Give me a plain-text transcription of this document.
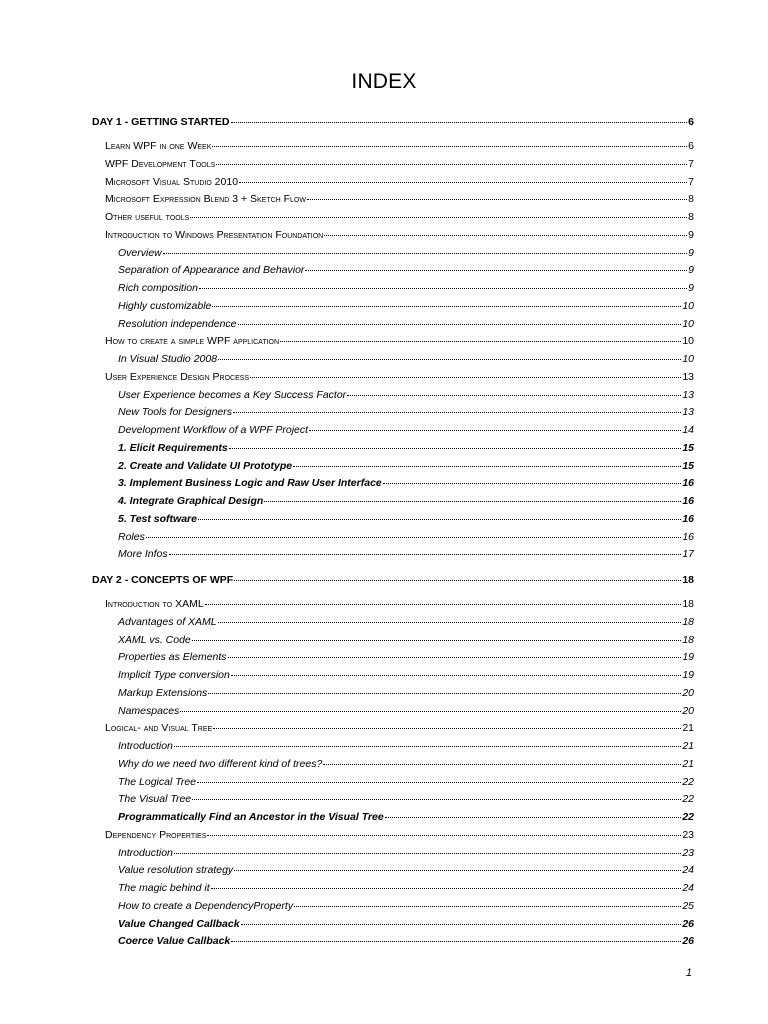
INDEX
DAY 1 - GETTING STARTED	6
Learn WPF in one Week	6
WPF Development Tools	7
Microsoft Visual Studio 2010	7
Microsoft Expression Blend 3 + Sketch Flow	8
Other useful tools	8
Introduction to Windows Presentation Foundation	9
Overview	9
Separation of Appearance and Behavior	9
Rich composition	9
Highly customizable	10
Resolution independence	10
How to create a simple WPF application	10
In Visual Studio 2008	10
User Experience Design Process	13
User Experience becomes a Key Success Factor	13
New Tools for Designers	13
Development Workflow of a WPF Project	14
1. Elicit Requirements	15
2. Create and Validate UI Prototype	15
3. Implement Business Logic and Raw User Interface	16
4. Integrate Graphical Design	16
5. Test software	16
Roles	16
More Infos	17
DAY 2 - CONCEPTS OF WPF	18
Introduction to XAML	18
Advantages of XAML	18
XAML vs. Code	18
Properties as Elements	19
Implicit Type conversion	19
Markup Extensions	20
Namespaces	20
Logical- and Visual Tree	21
Introduction	21
Why do we need two different kind of trees?	21
The Logical Tree	22
The Visual Tree	22
Programmatically Find an Ancestor in the Visual Tree	22
Dependency Properties	23
Introduction	23
Value resolution strategy	24
The magic behind it	24
How to create a DependencyProperty	25
Value Changed Callback	26
Coerce Value Callback	26
1
